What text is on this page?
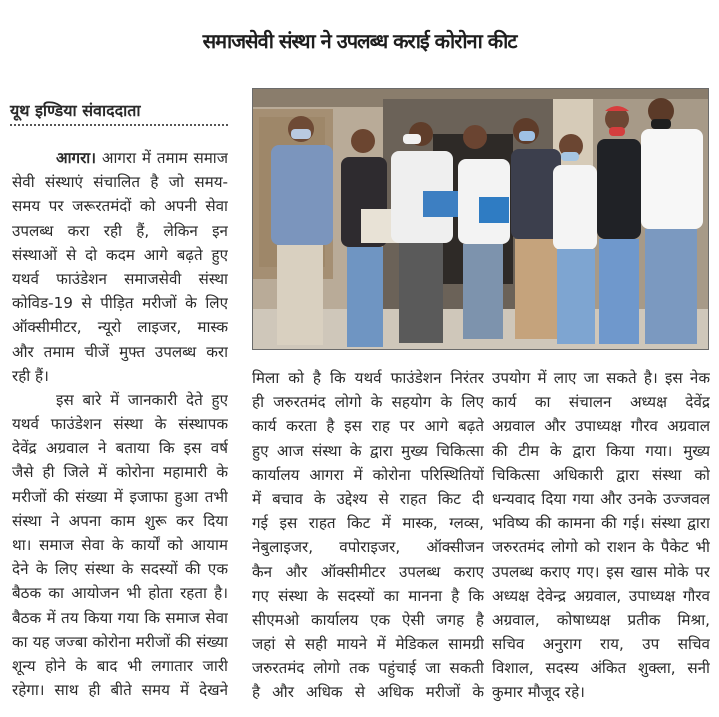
समाजसेवी संस्था ने उपलब्ध कराई कोरोना कीट
यूथ इण्डिया संवाददाता
आगरा। आगरा में तमाम समाज
सेवी संस्थाएं संचालित है जो समय-
समय पर जरूरतमंदों को अपनी सेवा
उपलब्ध करा रही हैं, लेकिन इन
संस्थाओं से दो कदम आगे बढ़ते हुए
यथर्व फाउंडेशन समाजसेवी संस्था
कोविड-19 से पीड़ित मरीजों के लिए
ऑक्सीमीटर, न्यूरो लाइजर, मास्क
और तमाम चीजें मुफ्त उपलब्ध करा
रही हैं।
इस बारे में जानकारी देते हुए
यथर्व फाउंडेशन संस्था के संस्थापक
देवेंद्र अग्रवाल ने बताया कि इस वर्ष
जैसे ही जिले में कोरोना महामारी के
मरीजों की संख्या में इजाफा हुआ तभी
संस्था ने अपना काम शुरू कर दिया
था। समाज सेवा के कार्यों को आयाम
देने के लिए संस्था के सदस्यों की एक
बैठक का आयोजन भी होता रहता है।
बैठक में तय किया गया कि समाज सेवा
का यह जज्बा कोरोना मरीजों की संख्या
शून्य होने के बाद भी लगातार जारी
रहेगा। साथ ही बीते समय में देखने
मिला को है कि यथर्व फाउंडेशन निरंतर
ही जरुरतमंद लोगो के सहयोग के लिए
कार्य करता है इस राह पर आगे बढ़ते
हुए आज संस्था के द्वारा मुख्य चिकित्सा
कार्यालय आगरा में कोरोना परिस्थितियों
में बचाव के उद्देश्य से राहत किट दी
गई इस राहत किट में मास्क, ग्लव्स,
नेबुलाइजर, वपोराइजर, ऑक्सीजन
कैन और ऑक्सीमीटर उपलब्ध कराए
गए संस्था के सदस्यों का मानना है कि
सीएमओ कार्यालय एक ऐसी जगह है
जहां से सही मायने में मेडिकल सामग्री
जरुरतमंद लोगो तक पहुंचाई जा सकती
है और अधिक से अधिक मरीजों के
उपयोग में लाए जा सकते है। इस नेक
कार्य का संचालन अध्यक्ष देवेंद्र
अग्रवाल और उपाध्यक्ष गौरव अग्रवाल
की टीम के द्वारा किया गया। मुख्य
चिकित्सा अधिकारी द्वारा संस्था को
धन्यवाद दिया गया और उनके उज्जवल
भविष्य की कामना की गई। संस्था द्वारा
जरुरतमंद लोगो को राशन के पैकेट भी
उपलब्ध कराए गए। इस खास मोके पर
अध्यक्ष देवेन्द्र अग्रवाल, उपाध्यक्ष गौरव
अग्रवाल, कोषाध्यक्ष प्रतीक मिश्रा,
सचिव अनुराग राय, उप सचिव
विशाल, सदस्य अंकित शुक्ला, सनी
कुमार मौजूद रहे।
